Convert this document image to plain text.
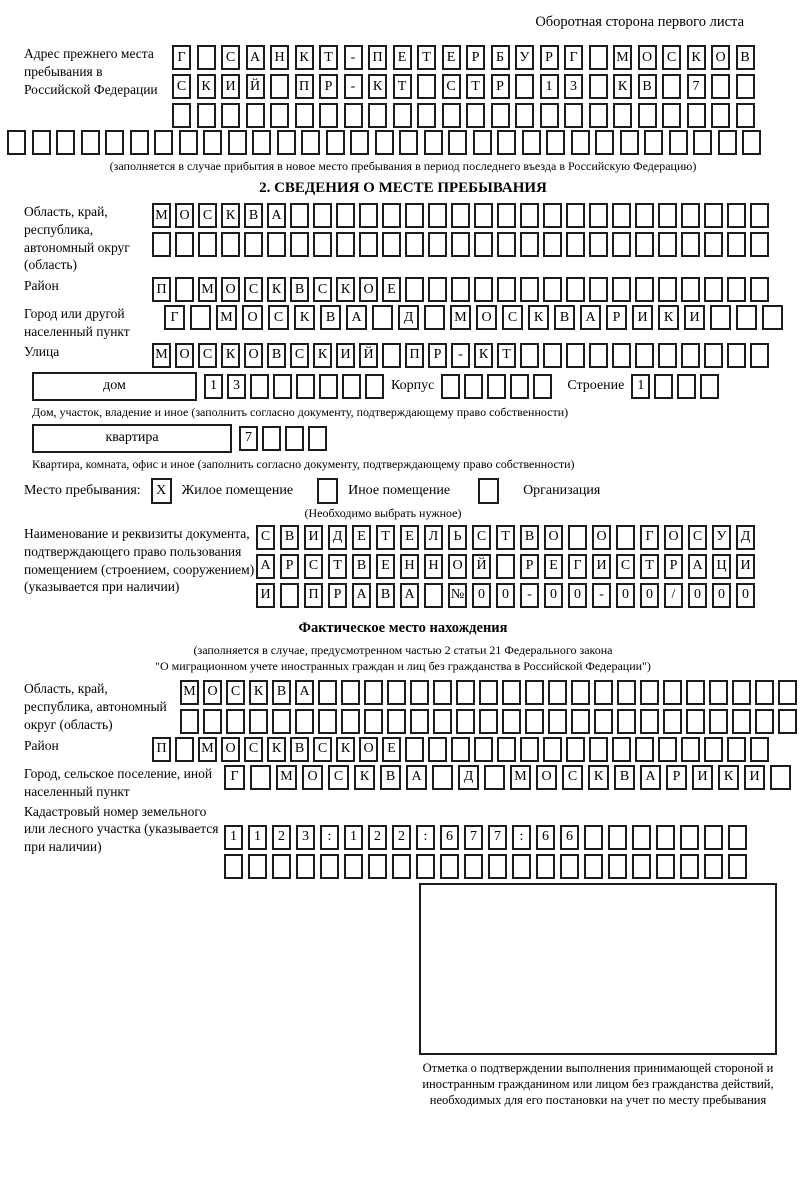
Оборотная сторона первого листа
Адрес прежнего места пребывания в Российской Федерации
Г	С	А	Н	К	Т	-	П	Е	Т	Е	Р	Б	У	Р	Г	М О	С	К	О	В
С	К	И	Й	П	Р	-	К	Т	С	Т	Р	1	3	К	В	7
(заполняется в случае прибытия в новое место пребывания в период последнего въезда в Российскую Федерацию)
2. СВЕДЕНИЯ О МЕСТЕ ПРЕБЫВАНИЯ
Область, край, республика, автономный округ (область)
М О С К В А
Район	П	М О С К В С К О Е
Город или другой населенный пункт
Г	М	О	С	К	В	А	Д	М	О	С	К	В	А	Р	И	К	И
Улица	М О С К О В С К И Й	П	Р	-	К	Т
дом	1	3	Корпус	Строение 1
Дом, участок, владение и иное (заполнить согласно документу, подтверждающему право собственности)
квартира	7
Квартира, комната, офис и иное (заполнить согласно документу, подтверждающему право собственности)
Место пребывания:	X	Жилое помещение	Иное помещение	Организация
(Необходимо выбрать нужное)
Наименование и реквизиты документа, подтверждающего право пользования помещением (строением, сооружением) (указывается при наличии)
С	В	И	Д	Е	Т	Е	Л	Ь	С	Т	В	О	О	Г	О	С	У	Д
А	Р	С	Т	В	Е	Н Н О Й	Р	Е	Г	И	С	Т	Р	А Ц И
И	П	Р	А	В	А	№ 0	0	-	0	0	-	0	0	/	0	0	0
Фактическое место нахождения
(заполняется в случае, предусмотренном частью 2 статьи 21 Федерального закона
"О миграционном учете иностранных граждан и лиц без гражданства в Российской Федерации")
Область, край, республика, автономный округ (область)
М О С К В А
Район	П	М О С К В С К О Е
Город, сельское поселение, иной населенный пункт
Г	М	О	С	К	В	А	Д	М	О	С	К	В	А	Р	И	К	И
Кадастровый номер земельного или лесного участка (указывается при наличии)
1	1	2	3	:	1	2	2	:	6	7	7	:	6	6
Отметка о подтверждении выполнения принимающей стороной и иностранным гражданином или лицом без гражданства действий, необходимых для его постановки на учет по месту пребывания
